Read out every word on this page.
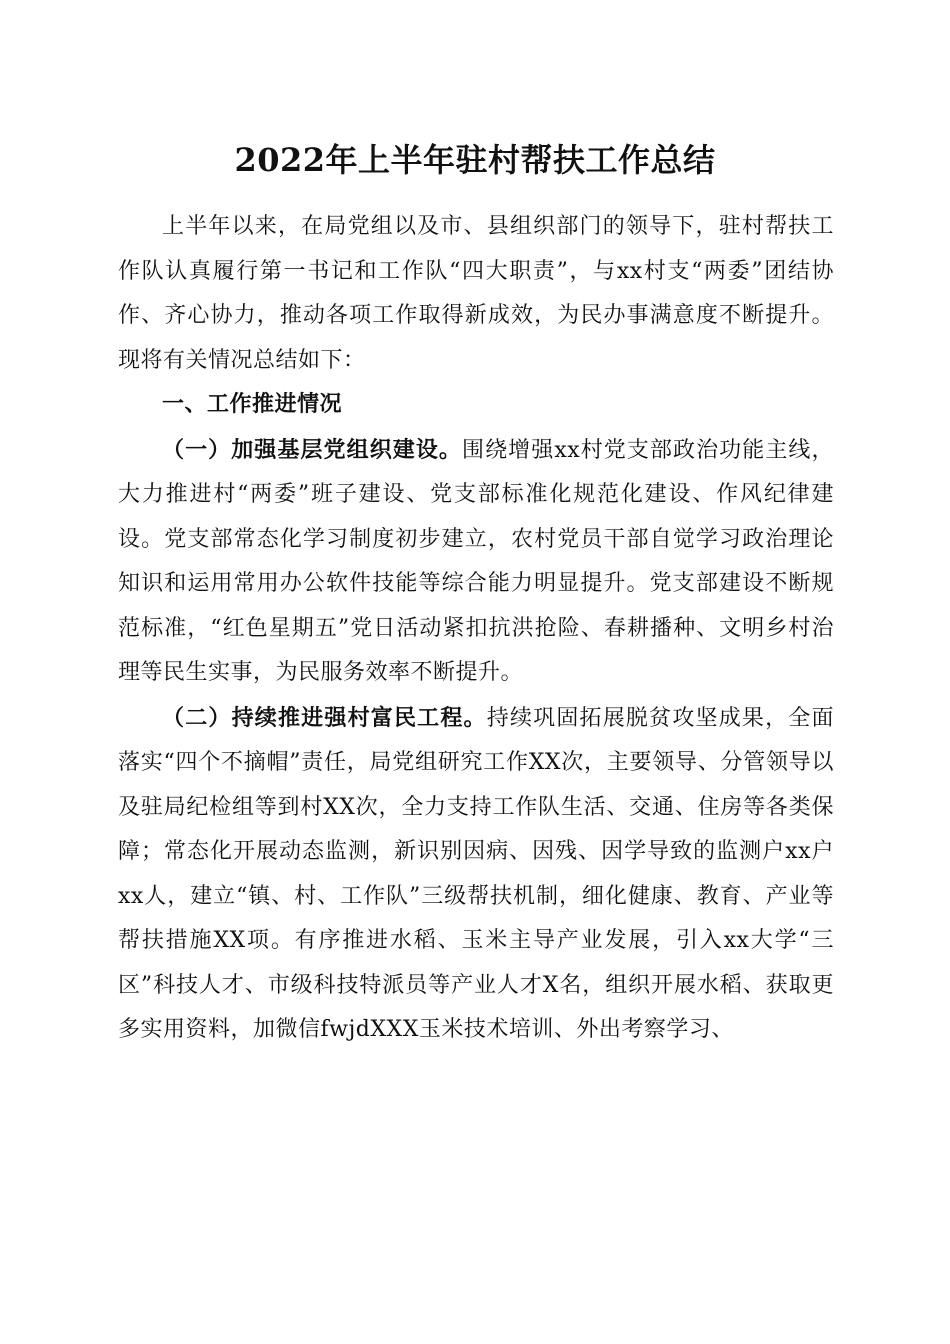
2022年上半年驻村帮扶工作总结

上半年以来，在局党组以及市、县组织部门的领导下，驻村帮扶工作队认真履行第一书记和工作队“四大职责”，与xx村支“两委”团结协作、齐心协力，推动各项工作取得新成效，为民办事满意度不断提升。现将有关情况总结如下：

一、工作推进情况

（一）加强基层党组织建设。围绕增强xx村党支部政治功能主线，大力推进村“两委”班子建设、党支部标准化规范化建设、作风纪律建设。党支部常态化学习制度初步建立，农村党员干部自觉学习政治理论知识和运用常用办公软件技能等综合能力明显提升。党支部建设不断规范标准，“红色星期五”党日活动紧扣抗洪抢险、春耕播种、文明乡村治理等民生实事，为民服务效率不断提升。

（二）持续推进强村富民工程。持续巩固拓展脱贫攻坚成果，全面落实“四个不摘帽”责任，局党组研究工作XX次，主要领导、分管领导以及驻局纪检组等到村XX次，全力支持工作队生活、交通、住房等各类保障；常态化开展动态监测，新识别因病、因残、因学导致的监测户xx户xx人，建立“镇、村、工作队”三级帮扶机制，细化健康、教育、产业等帮扶措施XX项。有序推进水稻、玉米主导产业发展，引入xx大学“三区”科技人才、市级科技特派员等产业人才X名，组织开展水稻、获取更多实用资料，加微信fwjdXXX玉米技术培训、外出考察学习、
